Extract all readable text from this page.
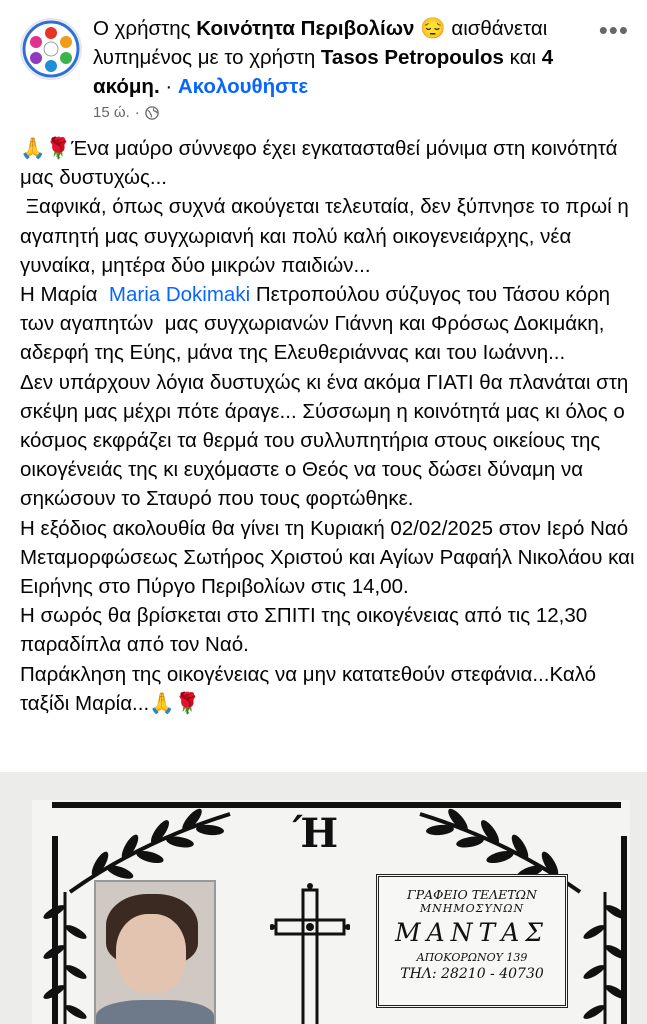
Ο χρήστης Κοινότητα Περιβολίων 😔 αισθάνεται λυπημένος με το χρήστη Tasos Petropoulos και 4 ακόμη. · Ακολουθήστε
•••
15 ώ. ·

🙏🌹Ένα μαύρο σύννεφο έχει εγκατασταθεί μόνιμα στη κοινότητά μας δυστυχώς...

Ξαφνικά, όπως συχνά ακούγεται τελευταία, δεν ξύπνησε το πρωί η αγαπητή μας συγχωριανή και πολύ καλή οικογενειάρχης, νέα γυναίκα, μητέρα δύο μικρών παιδιών...

Η Μαρία  Maria Dokimaki Πετροπούλου σύζυγος του Τάσου κόρη των αγαπητών  μας συγχωριανών Γιάννη και Φρόσως Δοκιμάκη, αδερφή της Εύης, μάνα της Ελευθεριάννας και του Ιωάννη...

Δεν υπάρχουν λόγια δυστυχώς κι ένα ακόμα ΓΙΑΤΙ θα πλανάται στη σκέψη μας μέχρι πότε άραγε... Σύσσωμη η κοινότητά μας κι όλος ο κόσμος εκφράζει τα θερμά του συλλυπητήρια στους οικείους της οικογένειάς της κι ευχόμαστε ο Θεός να τους δώσει δύναμη να σηκώσουν το Σταυρό που τους φορτώθηκε.

Η εξόδιος ακολουθία θα γίνει τη Κυριακή 02/02/2025 στον Ιερό Ναό Μεταμορφώσεως Σωτήρος Χριστού και Αγίων Ραφαήλ Νικολάου και Ειρήνης στο Πύργο Περιβολίων στις 14,00.

Η σωρός θα βρίσκεται στο ΣΠΙΤΙ της οικογένειας από τις 12,30 παραδίπλα από τον Ναό.

Παράκληση της οικογένειας να μην κατατεθούν στεφάνια...Καλό ταξίδι Μαρία...🙏🌹

Ή
ΓΡΑΦΕΙΟ ΤΕΛΕΤΩΝ
ΜΝΗΜΟΣΥΝΩΝ
ΜΑΝΤΑΣ
ΑΠΟΚΟΡΩΝΟΥ 139
ΤΗΛ: 28210 - 40730
